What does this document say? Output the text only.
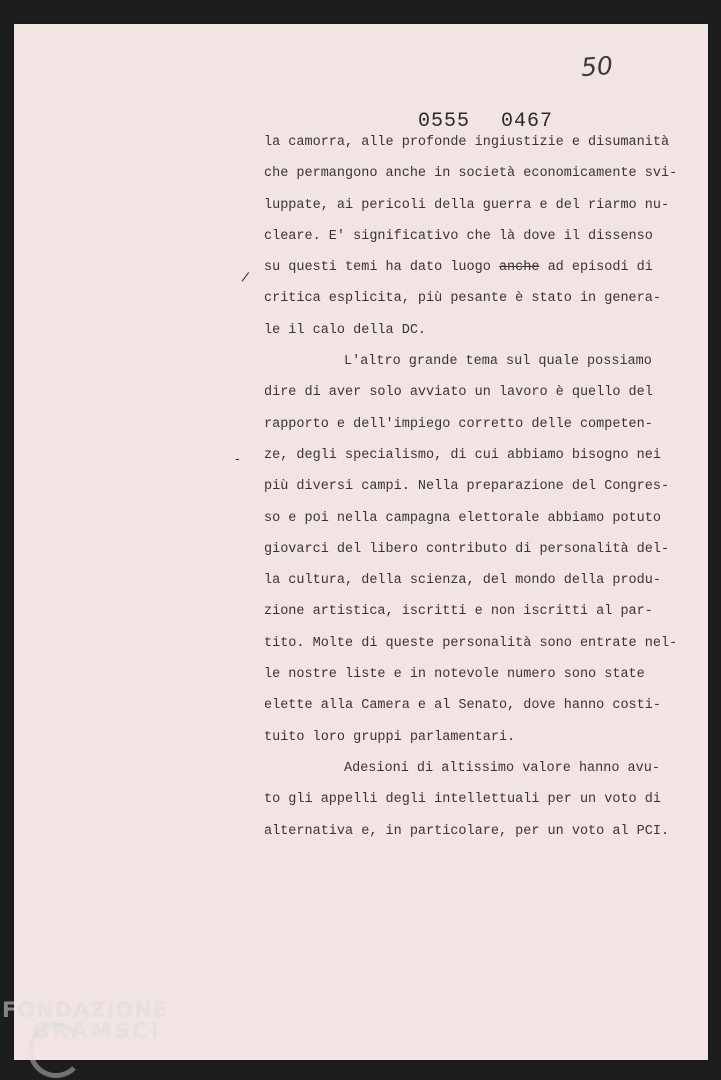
50
0555 0467
/
-
la camorra, alle profonde ingiustizie e disumanità
che permangono anche in società economicamente svi-
luppate, ai pericoli della guerra e del riarmo nu-
cleare. E' significativo che là dove il dissenso
su questi temi ha dato luogo anche ad episodi di
critica esplicita, più pesante è stato in genera-
le il calo della DC.
L'altro grande tema sul quale possiamo
dire di aver solo avviato un lavoro è quello del
rapporto e dell'impiego corretto delle competen-
ze, degli specialismo, di cui abbiamo bisogno nei
più diversi campi. Nella preparazione del Congres-
so e poi nella campagna elettorale abbiamo potuto
giovarci del libero contributo di personalità del-
la cultura, della scienza, del mondo della produ-
zione artistica, iscritti e non iscritti al par-
tito. Molte di queste personalità sono entrate nel-
le nostre liste e in notevole numero sono state
elette alla Camera e al Senato, dove hanno costi-
tuito loro gruppi parlamentari.
Adesioni di altissimo valore hanno avu-
to gli appelli degli intellettuali per un voto di
alternativa e, in particolare, per un voto al PCI.
FONDAZIONE
GRAMSCI
